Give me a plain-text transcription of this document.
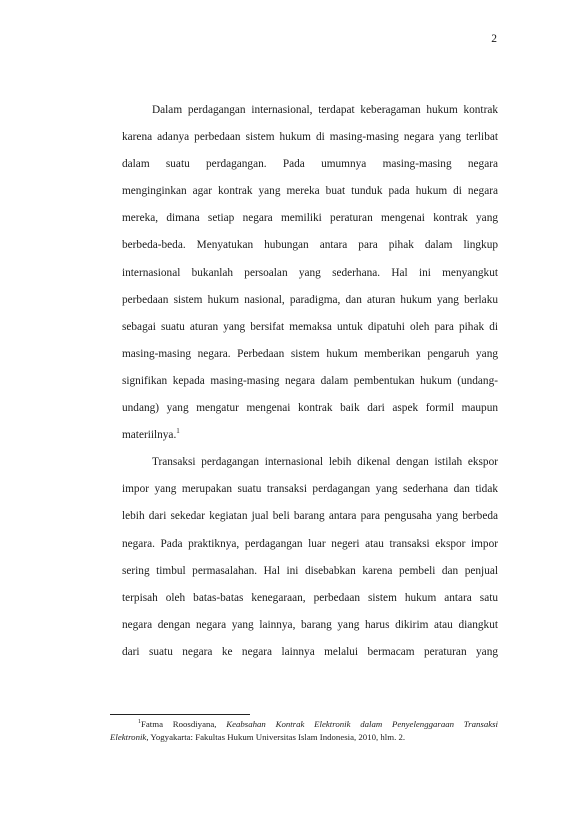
2
Dalam perdagangan internasional, terdapat keberagaman hukum kontrak
karena adanya perbedaan sistem hukum di masing-masing negara yang terlibat
dalam suatu perdagangan. Pada umumnya masing-masing negara
menginginkan agar kontrak yang mereka buat tunduk pada hukum di negara
mereka, dimana setiap negara memiliki peraturan mengenai kontrak yang
berbeda-beda. Menyatukan hubungan antara para pihak dalam lingkup
internasional bukanlah persoalan yang sederhana. Hal ini menyangkut
perbedaan sistem hukum nasional, paradigma, dan aturan hukum yang berlaku
sebagai suatu aturan yang bersifat memaksa untuk dipatuhi oleh para pihak di
masing-masing negara. Perbedaan sistem hukum memberikan pengaruh yang
signifikan kepada masing-masing negara dalam pembentukan hukum (undang-
undang) yang mengatur mengenai kontrak baik dari aspek formil maupun
materiilnya.$^1$
Transaksi perdagangan internasional lebih dikenal dengan istilah ekspor
impor yang merupakan suatu transaksi perdagangan yang sederhana dan tidak
lebih dari sekedar kegiatan jual beli barang antara para pengusaha yang berbeda
negara. Pada praktiknya, perdagangan luar negeri atau transaksi ekspor impor
sering timbul permasalahan. Hal ini disebabkan karena pembeli dan penjual
terpisah oleh batas-batas kenegaraan, perbedaan sistem hukum antara satu
negara dengan negara yang lainnya, barang yang harus dikirim atau diangkut
dari suatu negara ke negara lainnya melalui bermacam peraturan yang
$^1$Fatma Roosdiyana, Keabsahan Kontrak Elektronik dalam Penyelenggaraan Transaksi
Elektronik, Yogyakarta: Fakultas Hukum Universitas Islam Indonesia, 2010, hlm. 2.
